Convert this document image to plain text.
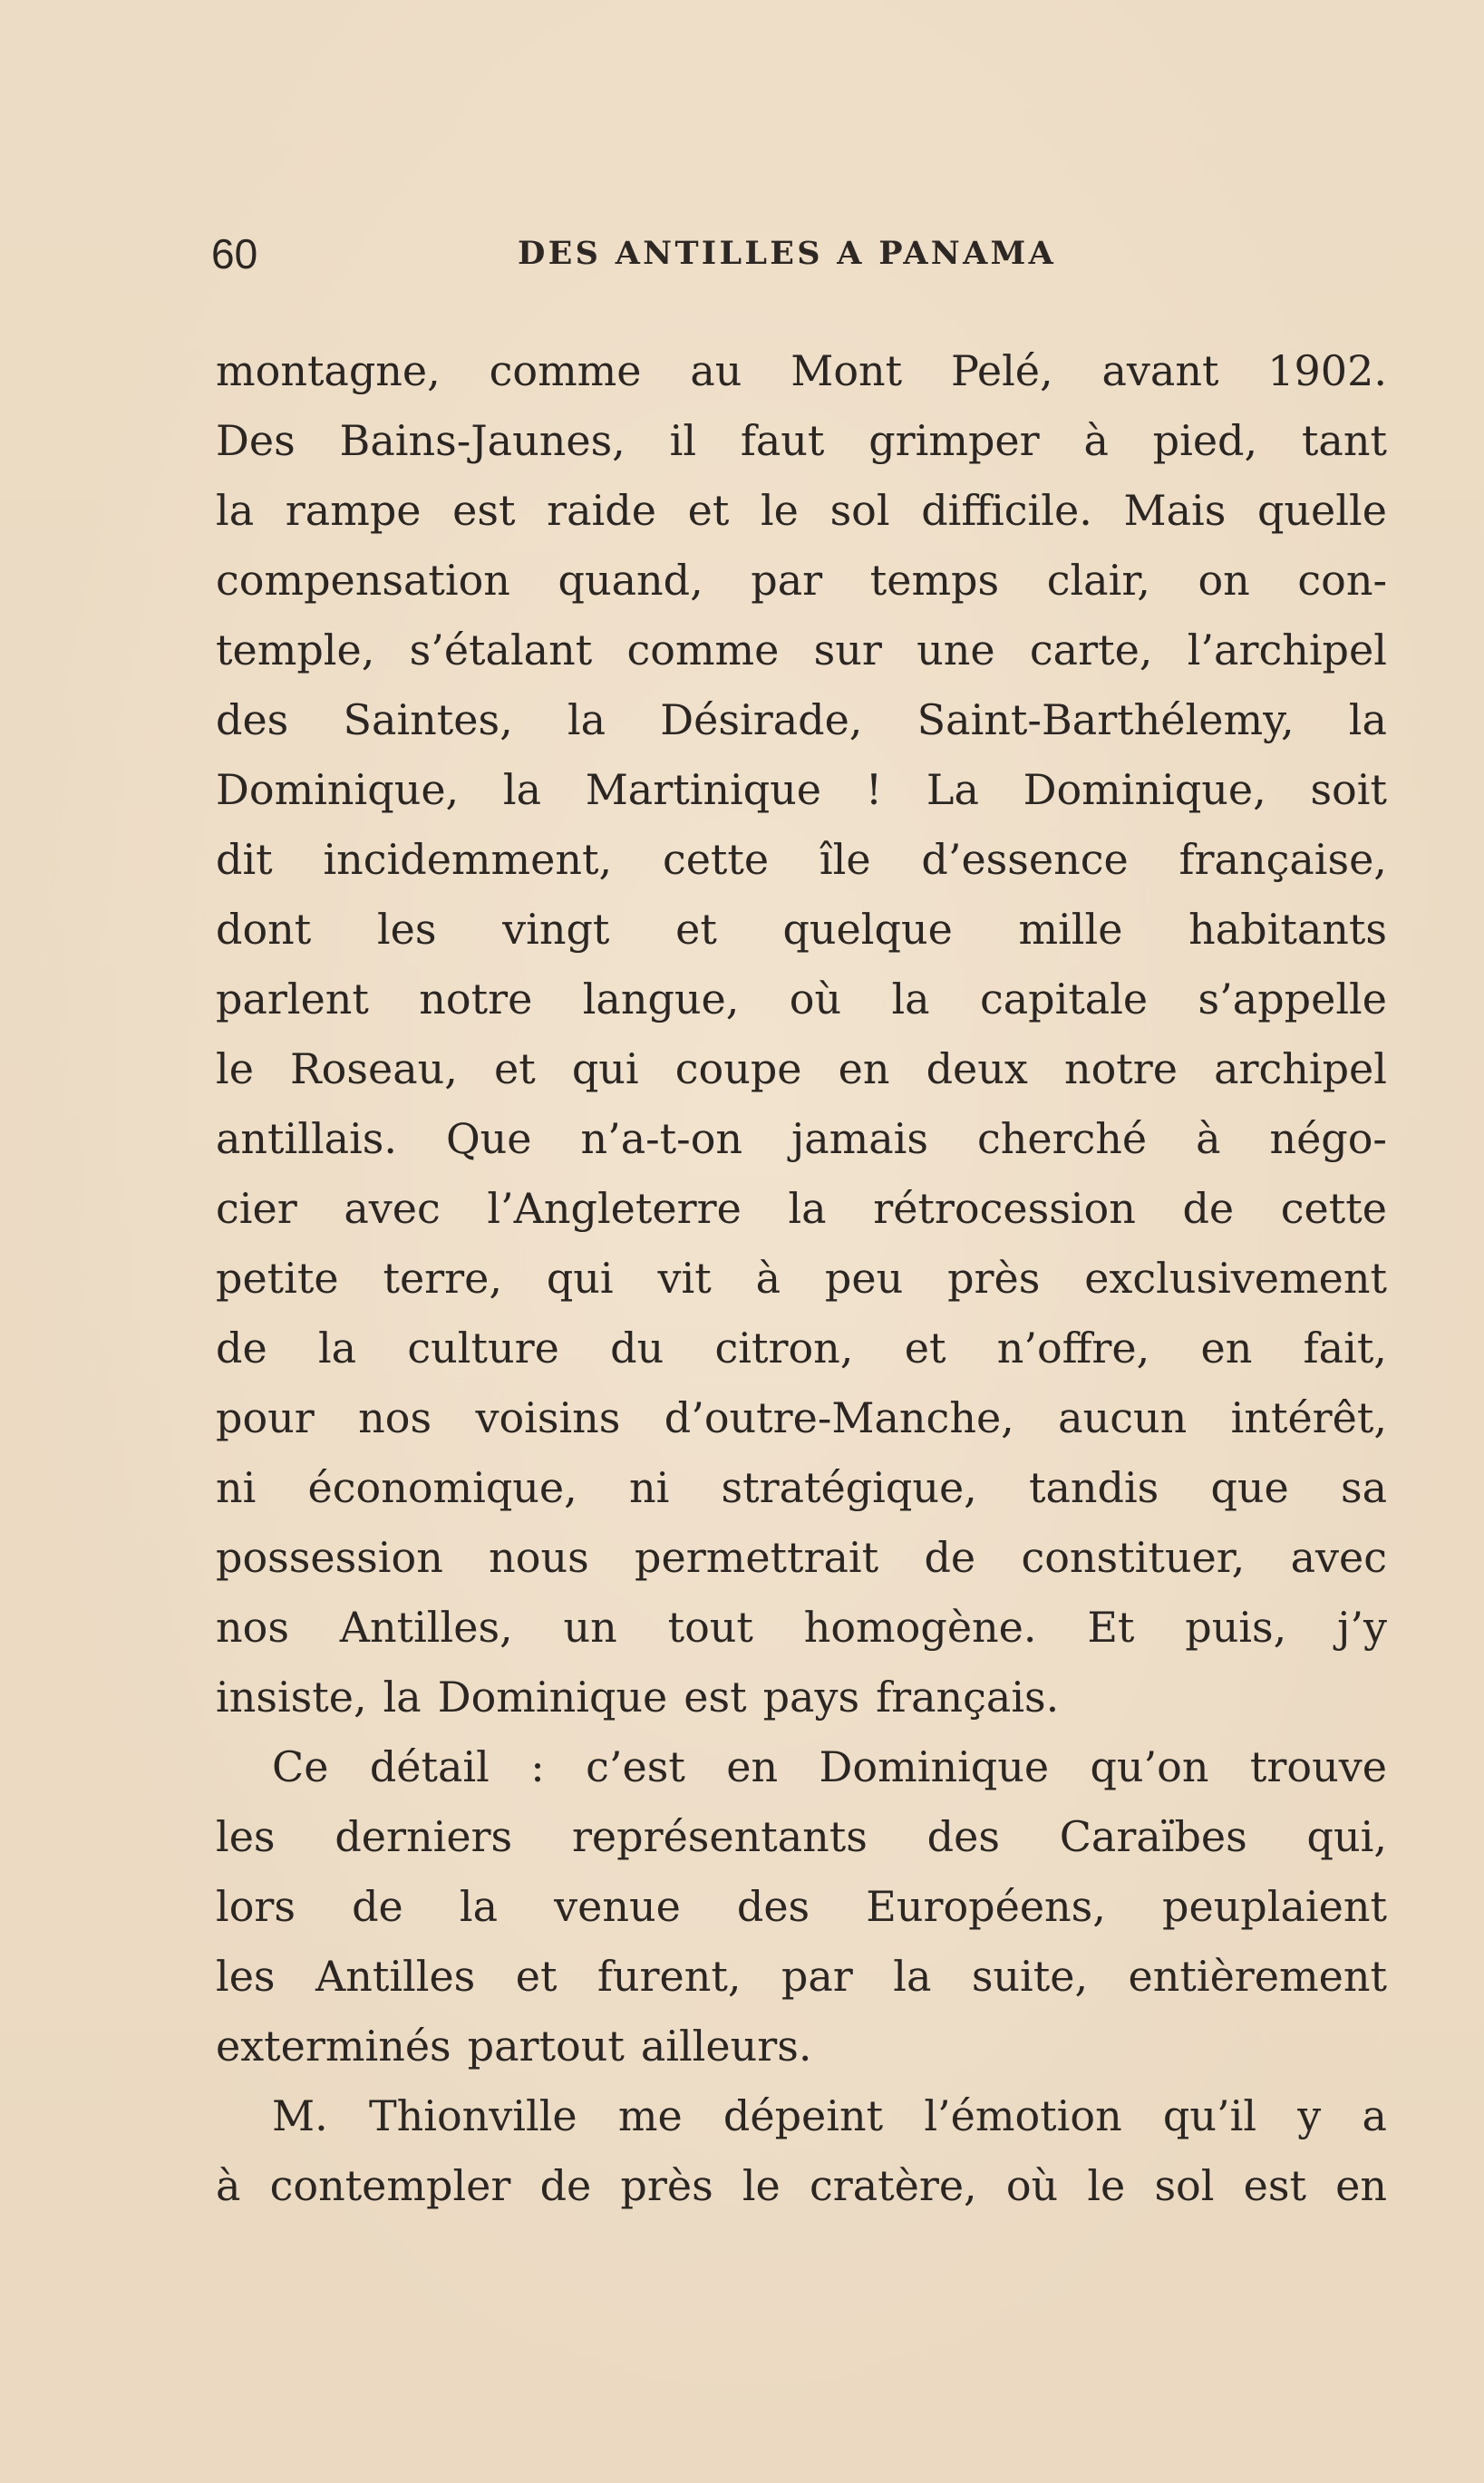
60	DES ANTILLES A PANAMA
montagne, comme au Mont Pelé, avant 1902.
Des Bains-Jaunes, il faut grimper à pied, tant
la rampe est raide et le sol difficile. Mais quelle
compensation quand, par temps clair, on con-
temple, s’étalant comme sur une carte, l’archipel
des Saintes, la Désirade, Saint-Barthélemy, la
Dominique, la Martinique ! La Dominique, soit
dit incidemment, cette île d’essence française,
dont les vingt et quelque mille habitants
parlent notre langue, où la capitale s’appelle
le Roseau, et qui coupe en deux notre archipel
antillais. Que n’a-t-on jamais cherché à négo-
cier avec l’Angleterre la rétrocession de cette
petite terre, qui vit à peu près exclusivement
de la culture du citron, et n’offre, en fait,
pour nos voisins d’outre-Manche, aucun intérêt,
ni économique, ni stratégique, tandis que sa
possession nous permettrait de constituer, avec
nos Antilles, un tout homogène. Et puis, j’y
insiste, la Dominique est pays français.
Ce détail : c’est en Dominique qu’on trouve
les derniers représentants des Caraïbes qui,
lors de la venue des Européens, peuplaient
les Antilles et furent, par la suite, entièrement
exterminés partout ailleurs.
M. Thionville me dépeint l’émotion qu’il y a
à contempler de près le cratère, où le sol est en
